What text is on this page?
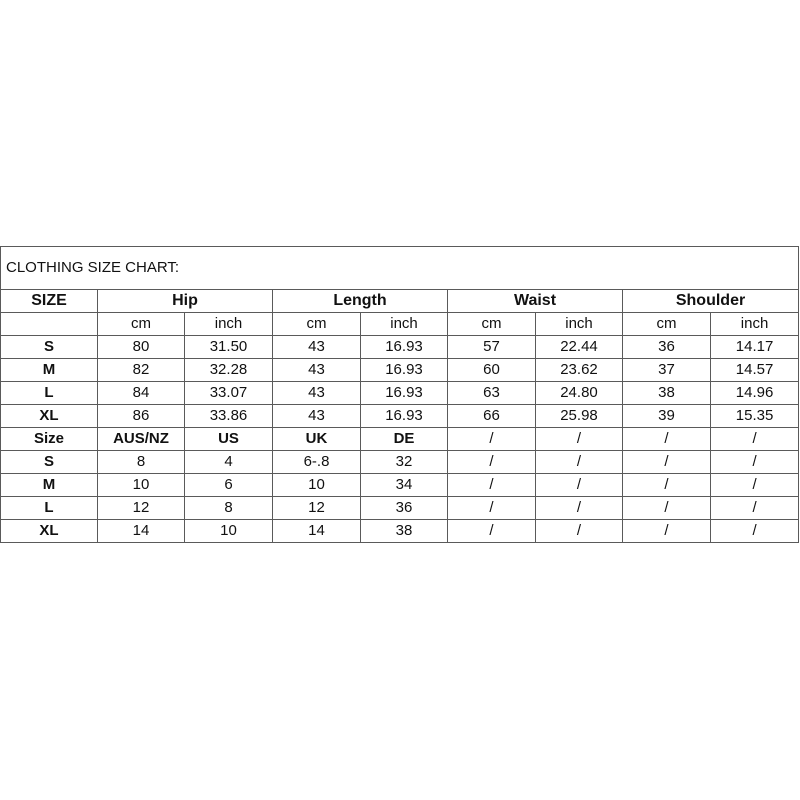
CLOTHING SIZE CHART:								
SIZE	Hip		Length		Waist		Shoulder	
	cm	inch	cm	inch	cm	inch	cm	inch
S	80	31.50	43	16.93	57	22.44	36	14.17
M	82	32.28	43	16.93	60	23.62	37	14.57
L	84	33.07	43	16.93	63	24.80	38	14.96
XL	86	33.86	43	16.93	66	25.98	39	15.35
Size	AUS/NZ	US	UK	DE	/	/	/	/
S	8	4	6-.8	32	/	/	/	/
M	10	6	10	34	/	/	/	/
L	12	8	12	36	/	/	/	/
XL	14	10	14	38	/	/	/	/
